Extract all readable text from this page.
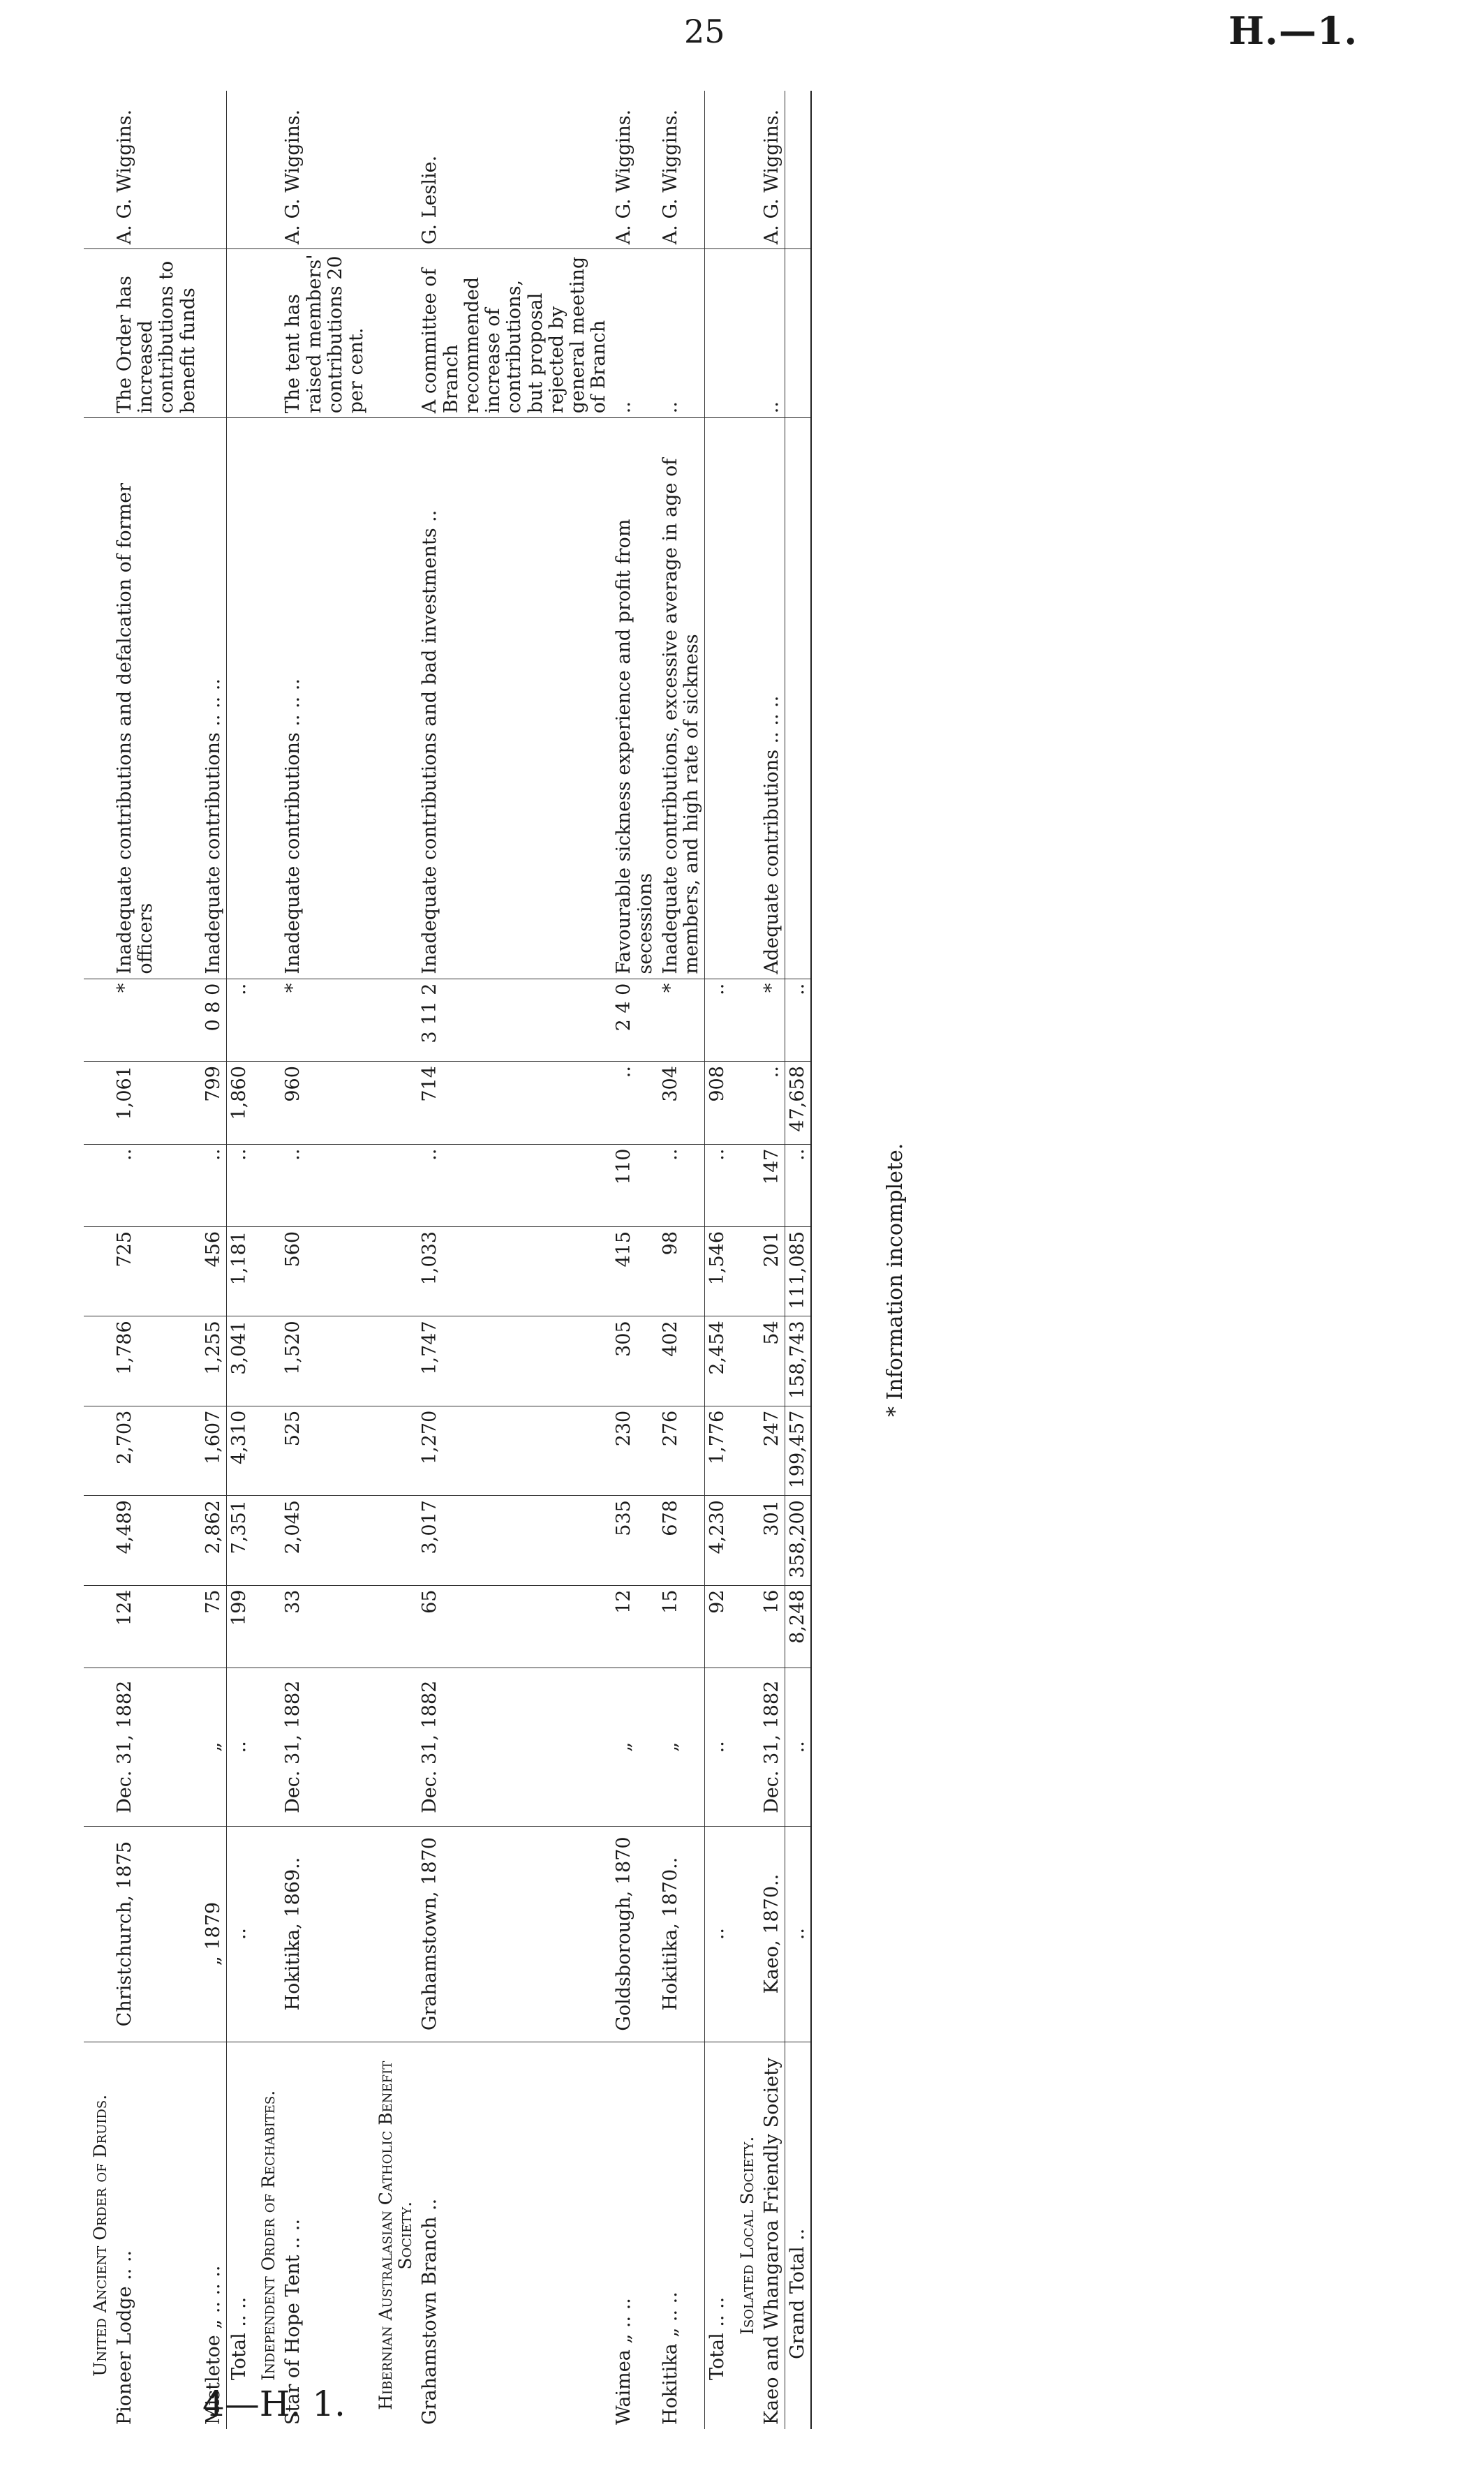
25	H.—1.
United Ancient Order of Druids.													
Pioneer Lodge .. ..	Christchurch, 1875	Dec. 31, 1882	124	4,489	2,703	1,786	725	..	1,061	*	Inadequate contributions and defalcation of former officers	The Order has increased contributions to benefit funds	A. G. Wiggins.
Mistletoe „ .. .. ..	„ 1879	„	75	2,862	1,607	1,255	456	..	799	0 8 0	Inadequate contributions .. .. ..		
Total .. ..	..	..	199	7,351	4,310	3,041	1,181	..	1,860	..			
Independent Order of Rechabites.													
Star of Hope Tent .. ..	Hokitika, 1869..	Dec. 31, 1882	33	2,045	525	1,520	560	..	960	*	Inadequate contributions .. .. ..	The tent has raised members' contributions 20 per cent.	A. G. Wiggins.
Hibernian Australasian Catholic Benefit Society.													
Grahamstown Branch ..	Grahamstown, 1870	Dec. 31, 1882	65	3,017	1,270	1,747	1,033	..	714	3 11 2	Inadequate contributions and bad investments ..	A committee of Branch recommended increase of contributions, but proposal rejected by general meeting of Branch	G. Leslie.
Waimea „ .. ..	Goldsborough, 1870	„	12	535	230	305	415	110	..	2 4 0	Favourable sickness experience and profit from secessions	..	A. G. Wiggins.
Hokitika „ .. ..	Hokitika, 1870..	„	15	678	276	402	98	..	304	*	Inadequate contributions, excessive average in age of members, and high rate of sickness	..	A. G. Wiggins.
Total .. ..	..	..	92	4,230	1,776	2,454	1,546	..	908	..			
Isolated Local Society.													
Kaeo and Whangaroa Friendly Society	Kaeo, 1870..	Dec. 31, 1882	16	301	247	54	201	147	..	*	Adequate contributions .. .. ..	..	A. G. Wiggins.
Grand Total ..	..	..	8,248	358,200	199,457	158,743	111,085	..	47,658	..			
* Information incomplete.
4—H. 1.
